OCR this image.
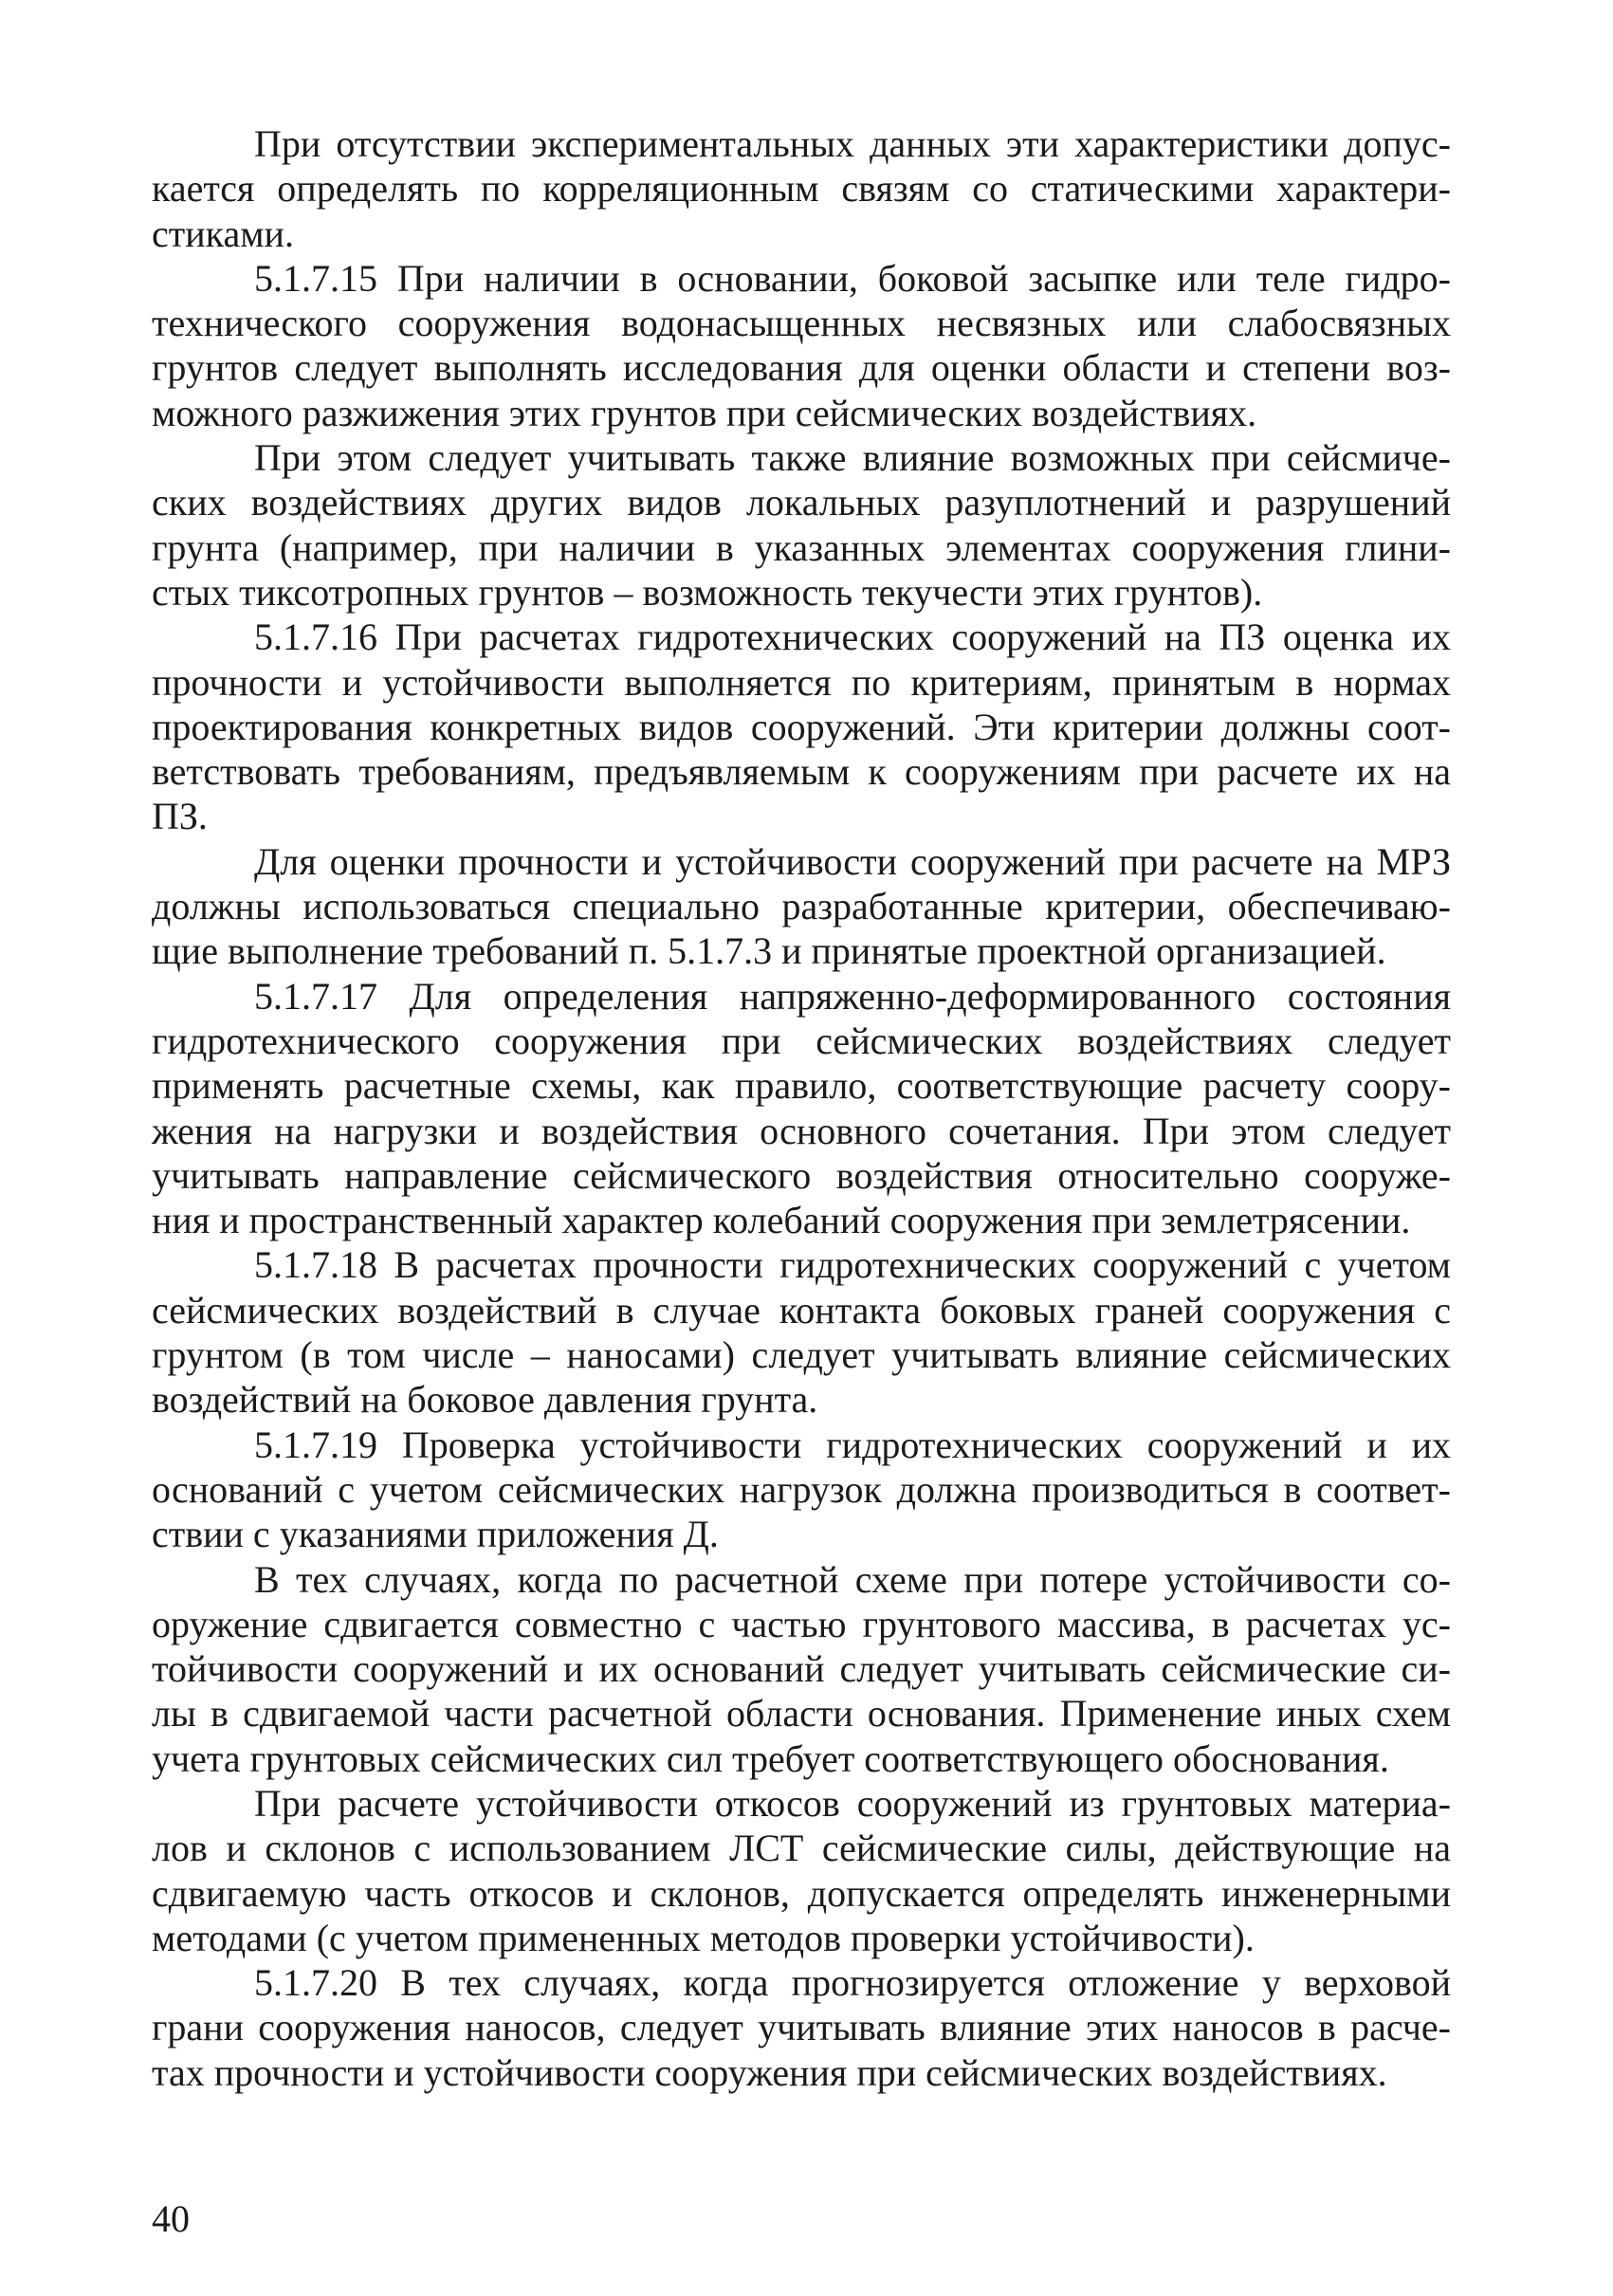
При отсутствии экспериментальных данных эти характеристики допус-
кается определять по корреляционным связям со статическими характери-
стиками.

5.1.7.15 При наличии в основании, боковой засыпке или теле гидро-
технического сооружения водонасыщенных несвязных или слабосвязных
грунтов следует выполнять исследования для оценки области и степени воз-
можного разжижения этих грунтов при сейсмических воздействиях.

При этом следует учитывать также влияние возможных при сейсмиче-
ских воздействиях других видов локальных разуплотнений и разрушений
грунта (например, при наличии в указанных элементах сооружения глини-
стых тиксотропных грунтов – возможность текучести этих грунтов).

5.1.7.16 При расчетах гидротехнических сооружений на ПЗ оценка их
прочности и устойчивости выполняется по критериям, принятым в нормах
проектирования конкретных видов сооружений. Эти критерии должны соот-
ветствовать требованиям, предъявляемым к сооружениям при расчете их на
ПЗ.

Для оценки прочности и устойчивости сооружений при расчете на МРЗ
должны использоваться специально разработанные критерии, обеспечиваю-
щие выполнение требований п. 5.1.7.3 и принятые проектной организацией.

5.1.7.17 Для определения напряженно-деформированного состояния
гидротехнического сооружения при сейсмических воздействиях следует
применять расчетные схемы, как правило, соответствующие расчету соору-
жения на нагрузки и воздействия основного сочетания. При этом следует
учитывать направление сейсмического воздействия относительно сооруже-
ния и пространственный характер колебаний сооружения при землетрясении.

5.1.7.18 В расчетах прочности гидротехнических сооружений с учетом
сейсмических воздействий в случае контакта боковых граней сооружения с
грунтом (в том числе – наносами) следует учитывать влияние сейсмических
воздействий на боковое давления грунта.

5.1.7.19 Проверка устойчивости гидротехнических сооружений и их
оснований с учетом сейсмических нагрузок должна производиться в соответ-
ствии с указаниями приложения Д.

В тех случаях, когда по расчетной схеме при потере устойчивости со-
оружение сдвигается совместно с частью грунтового массива, в расчетах ус-
тойчивости сооружений и их оснований следует учитывать сейсмические си-
лы в сдвигаемой части расчетной области основания. Применение иных схем
учета грунтовых сейсмических сил требует соответствующего обоснования.

При расчете устойчивости откосов сооружений из грунтовых материа-
лов и склонов с использованием ЛСТ сейсмические силы, действующие на
сдвигаемую часть откосов и склонов, допускается определять инженерными
методами (с учетом примененных методов проверки устойчивости).

5.1.7.20 В тех случаях, когда прогнозируется отложение у верховой
грани сооружения наносов, следует учитывать влияние этих наносов в расче-
тах прочности и устойчивости сооружения при сейсмических воздействиях.

40
